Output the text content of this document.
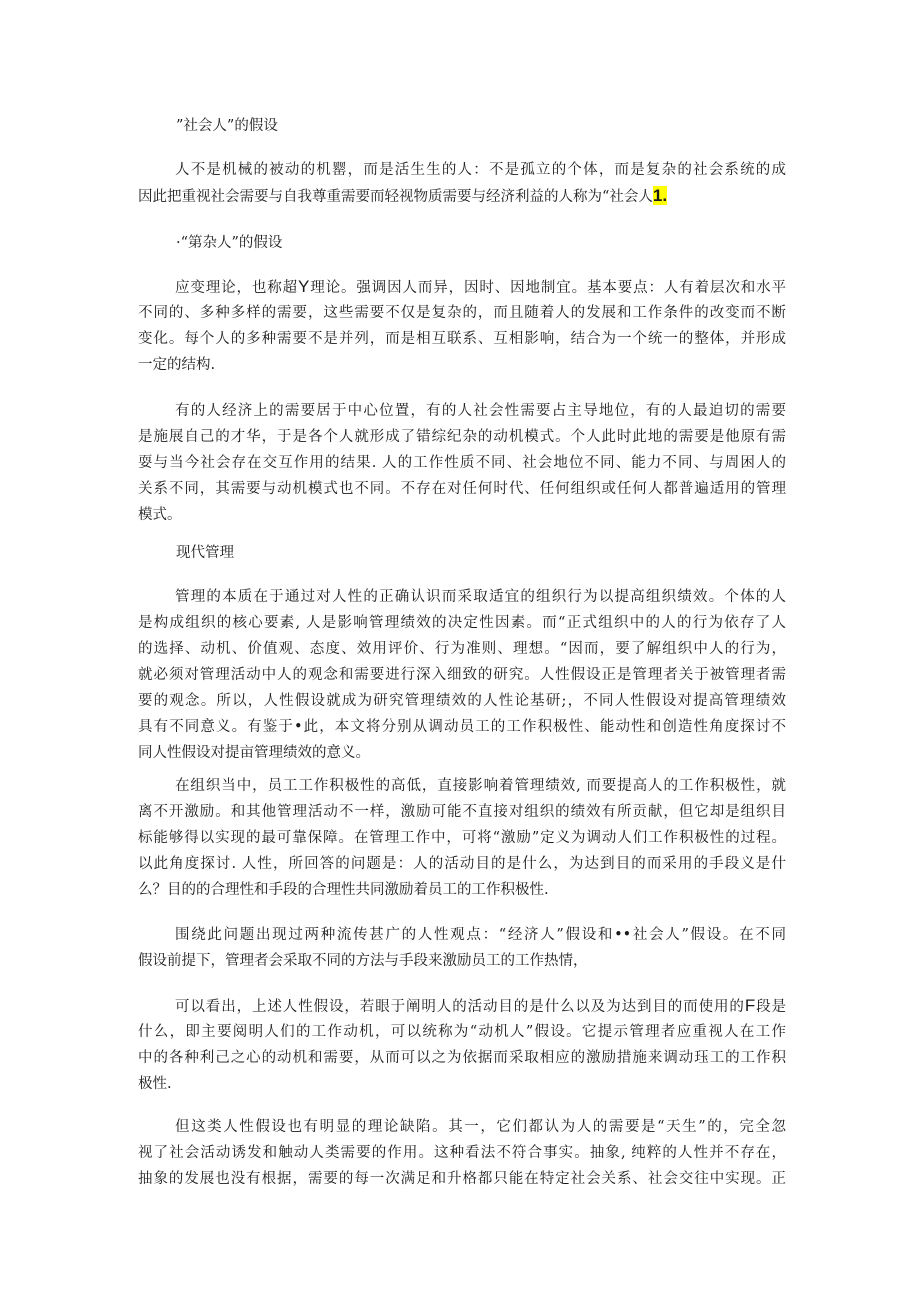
”社会人”的假设
人不是机械的被动的机罂，而是活生生的人：不是孤立的个体，而是复杂的社会系统的成
因此把重视社会需要与自我尊重需要而轻视物质需要与经济利益的人称为“社会人1.
·“第杂人”的假设
应变理论，也称超Y理论。强调因人而异，因时、因地制宜。基本要点：人有着层次和水平
不同的、多种多样的需要，这些需要不仅是复杂的，而且随着人的发展和工作条件的改变而不断
变化。每个人的多种需要不是并列，而是相互联系、互相影响，结合为一个统一的整体，并形成
一定的结构.
有的人经济上的需要居于中心位置，有的人社会性需要占主导地位，有的人最迫切的需要
是施展自己的才华，于是各个人就形成了错综纪杂的动机模式。个人此时此地的需要是他原有需
耍与当今社会存在交互作用的结果. 人的工作性质不同、社会地位不同、能力不同、与周困人的
关系不同，其需要与动机模式也不同。不存在对任何时代、任何组织或任何人都普遍适用的管理
模式。
现代管理
管理的本质在于通过对人性的正确认识而采取适宜的组织行为以提高组织绩效。个体的人
是构成组织的核心要素, 人是影响管理绩效的决定性因素。而“正式组织中的人的行为依存了人
的选择、动机、价值观、态度、效用评价、行为准则、理想。“因而，要了解组织中人的行为，
就必须对管理活动中人的观念和需要进行深入细致的研究。人性假设正是管理者关于被管理者需
要的观念。所以，人性假设就成为研究管理绩效的人性论基研;，不同人性假设对提高管理绩效
具有不同意义。有鉴于•此，本文将分别从调动员工的工作积极性、能动性和创造性角度探讨不
同人性假设对提亩管理绩效的意义。
在组织当中，员工工作积极性的高低，直接影响着管理绩效, 而要提高人的工作积极性，就
离不开激励。和其他管理活动不一样，激励可能不直接对组织的绩效有所贡献，但它却是组织目
标能够得以实现的最可靠保障。在管理工作中，可将“激励”定义为调动人们工作积极性的过程。
以此角度探讨. 人性，所回答的问题是：人的活动目的是什么，为达到目的而采用的手段义是什
么？目的的合理性和手段的合理性共同激励着员工的工作积极性.
围绕此问题出现过两种流传甚广的人性观点：“经济人”假设和••社会人”假设。在不同
假设前提下，管理者会采取不同的方法与手段来激励员工的工作热情，
可以看出，上述人性假设，若眼于阐明人的活动目的是什么以及为达到目的而使用的F段是
什么，即主要阅明人们的工作动机，可以统称为“动机人”假设。它提示管理者应重视人在工作
中的各种利己之心的动机和需要，从而可以之为依据而采取相应的激励措施来调动珏工的工作积
极性.
但这类人性假设也有明显的理论缺陷。其一，它们都认为人的需要是“天生”的，完全忽
视了社会活动诱发和触动人类需要的作用。这种看法不符合事实。抽象, 纯粹的人性并不存在，
抽象的发展也没有根据，需要的每一次满足和升格都只能在特定社会关系、社会交往中实现。正
